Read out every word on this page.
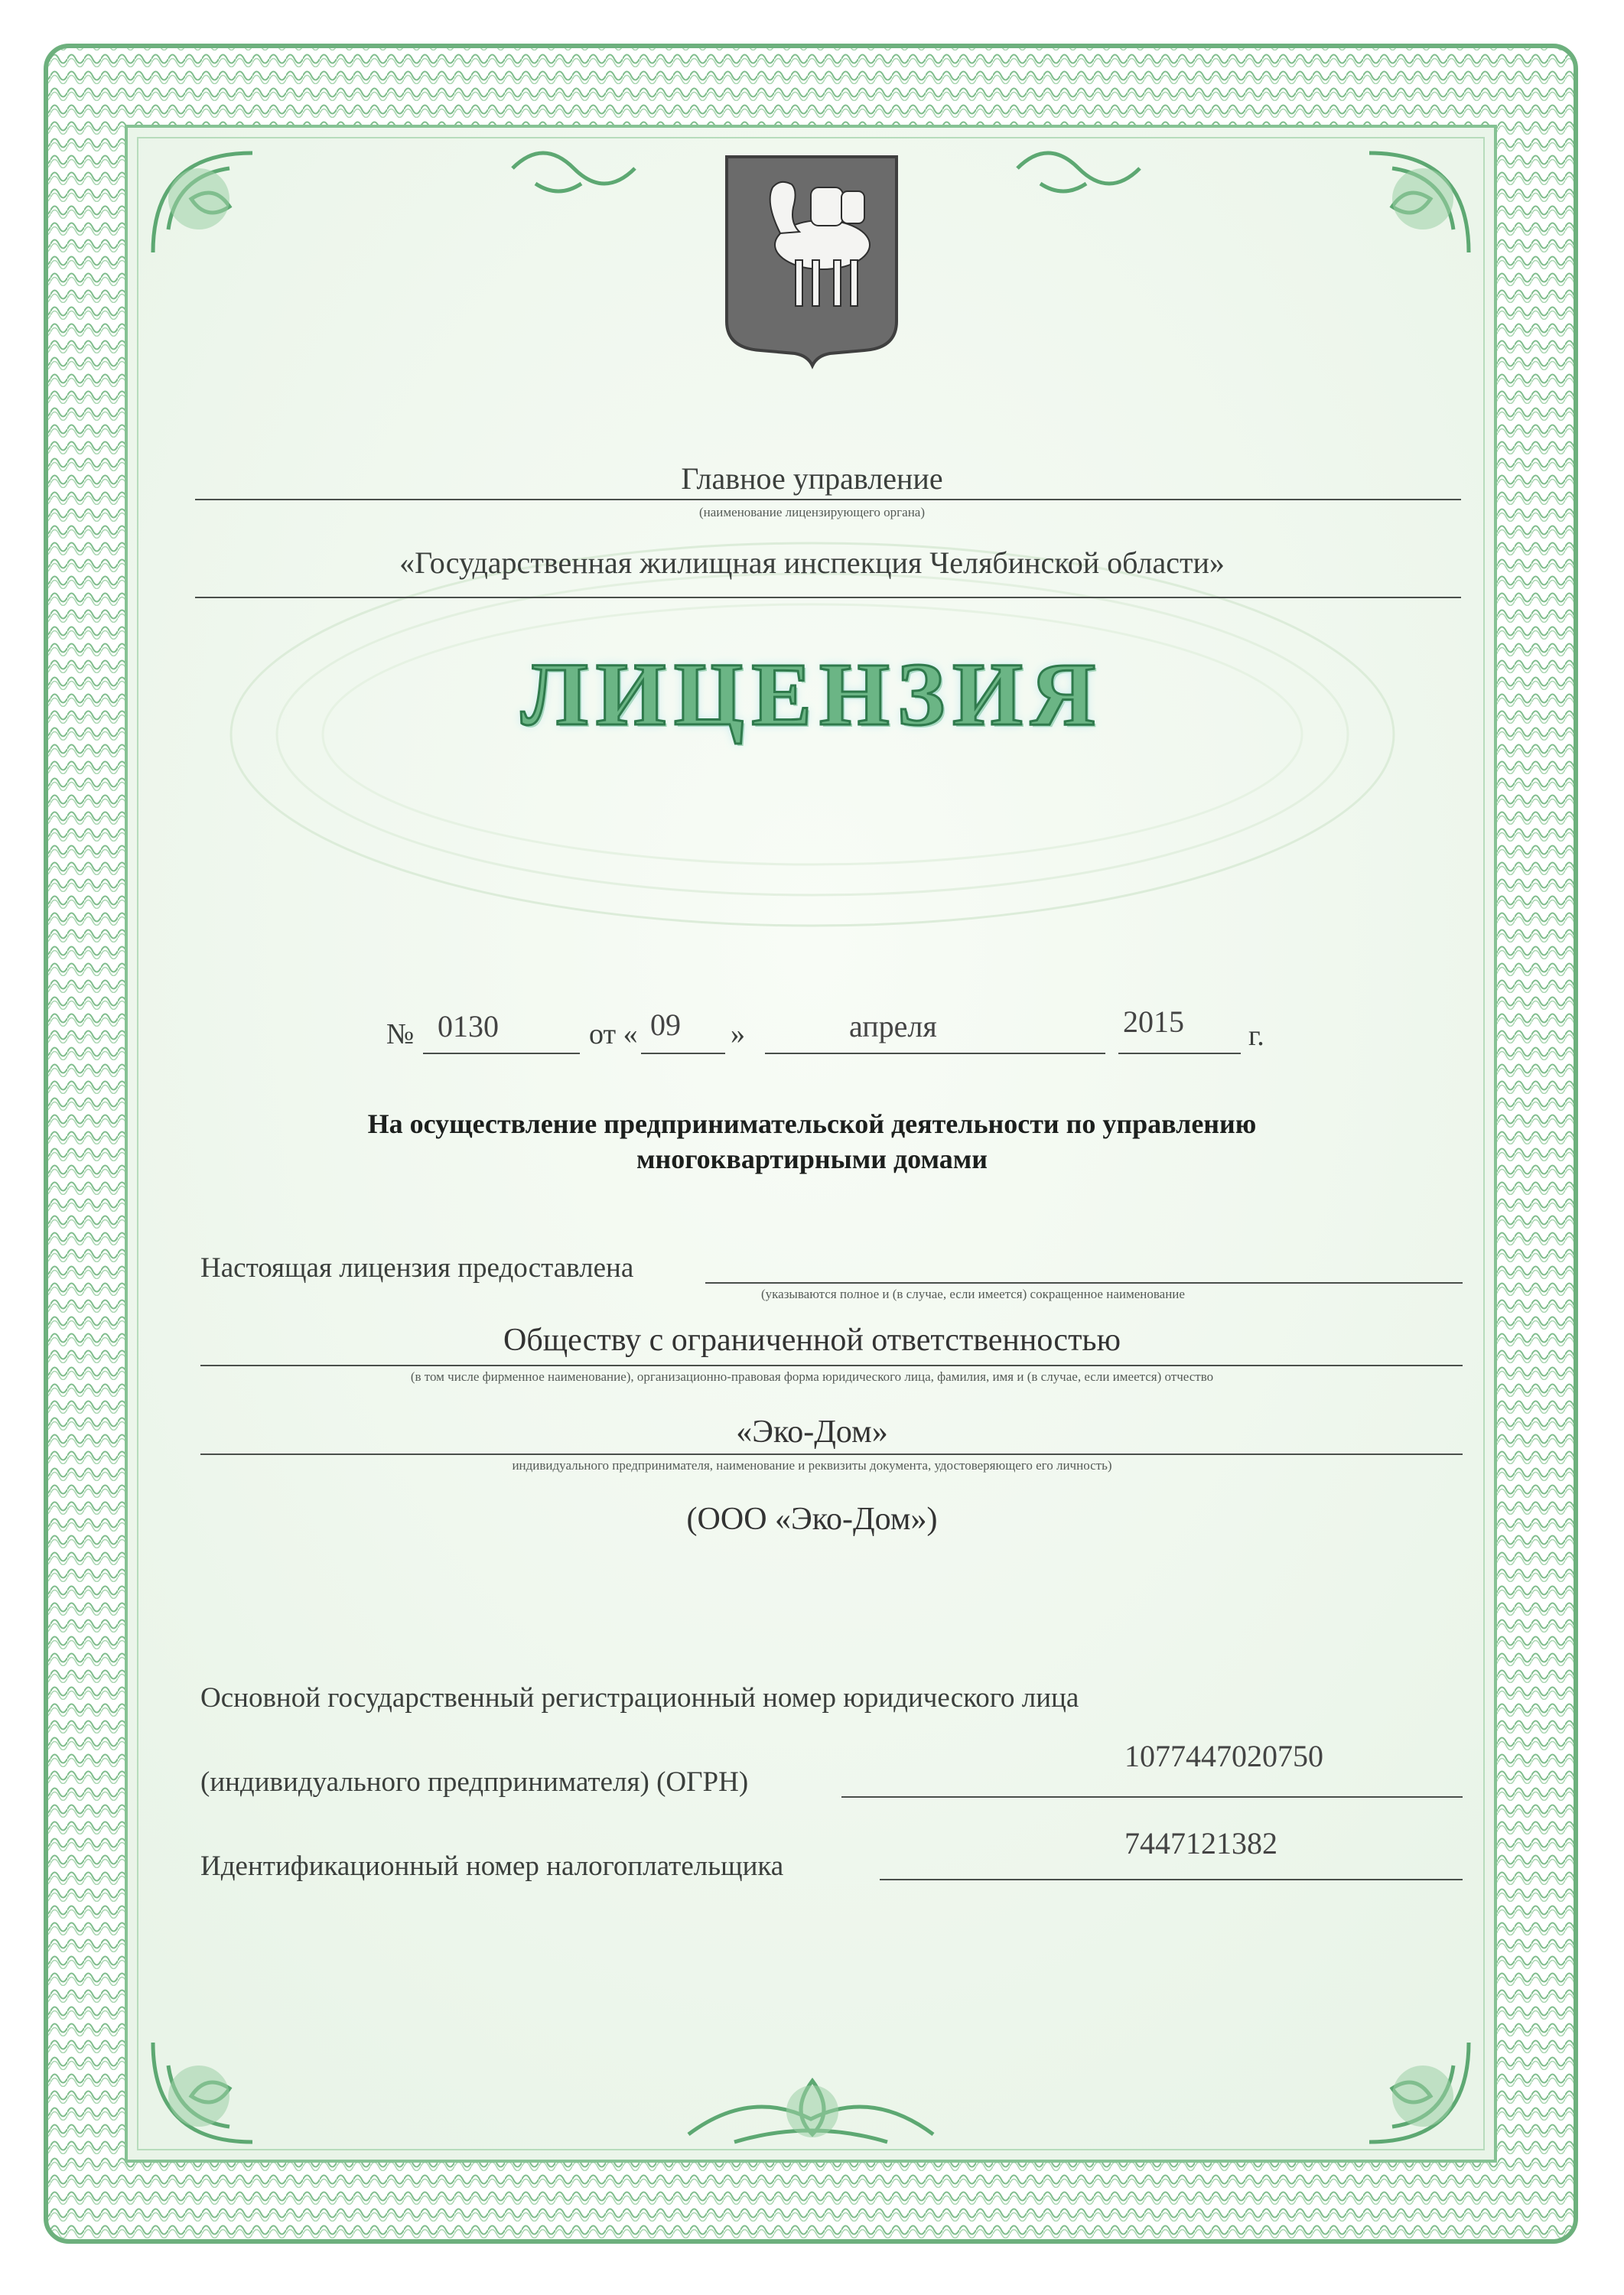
Главное управление
(наименование лицензирующего органа)
«Государственная жилищная инспекция Челябинской области»
ЛИЦЕНЗИЯ
№ 0130	от « 09 »	апреля	2015 г.
На осуществление предпринимательской деятельности по управлению
многоквартирными домами
Настоящая лицензия предоставлена
(указываются полное и (в случае, если имеется) сокращенное наименование
Обществу с ограниченной ответственностью
(в том числе фирменное наименование), организационно-правовая форма юридического лица, фамилия, имя и (в случае, если имеется) отчество
«Эко-Дом»
индивидуального предпринимателя, наименование и реквизиты документа, удостоверяющего его личность)
(ООО «Эко-Дом»)
Основной государственный регистрационный номер юридического лица
(индивидуального предпринимателя) (ОГРН)
1077447020750
Идентификационный номер налогоплательщика
7447121382
